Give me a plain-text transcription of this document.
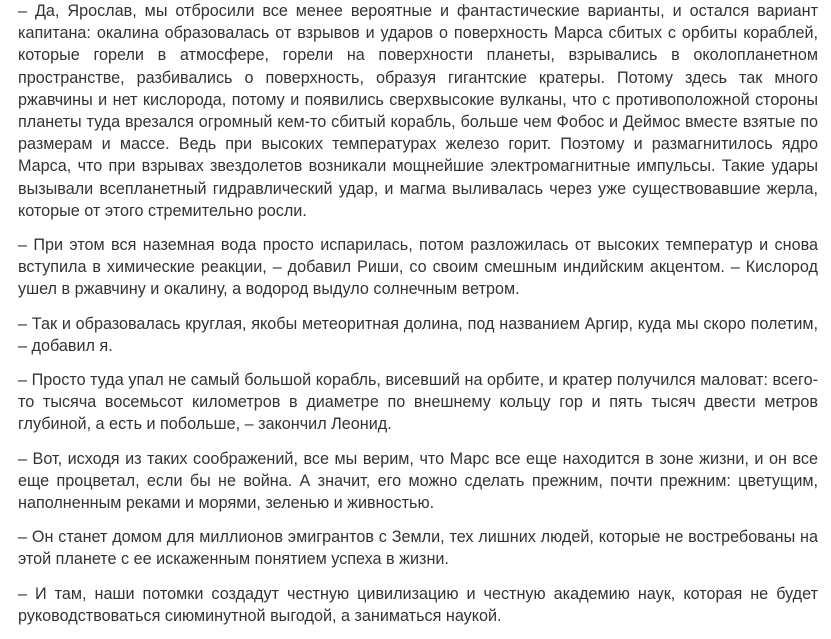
– Да, Ярослав, мы отбросили все менее вероятные и фантастические варианты, и остался вариант капитана: окалина образовалась от взрывов и ударов о поверхность Марса сбитых с орбиты кораблей, которые горели в атмосфере, горели на поверхности планеты, взрывались в околопланетном пространстве, разбивались о поверхность, образуя гигантские кратеры. Потому здесь так много ржавчины и нет кислорода, потому и появились сверхвысокие вулканы, что с противоположной стороны планеты туда врезался огромный кем-то сбитый корабль, больше чем Фобос и Деймос вместе взятые по размерам и массе. Ведь при высоких температурах железо горит. Поэтому и размагнитилось ядро Марса, что при взрывах звездолетов возникали мощнейшие электромагнитные импульсы. Такие удары вызывали всепланетный гидравлический удар, и магма выливалась через уже существовавшие жерла, которые от этого стремительно росли.

– При этом вся наземная вода просто испарилась, потом разложилась от высоких температур и снова вступила в химические реакции, – добавил Риши, со своим смешным индийским акцентом. – Кислород ушел в ржавчину и окалину, а водород выдуло солнечным ветром.

– Так и образовалась круглая, якобы метеоритная долина, под названием Аргир, куда мы скоро полетим, – добавил я.

– Просто туда упал не самый большой корабль, висевший на орбите, и кратер получился маловат: всего-то тысяча восемьсот километров в диаметре по внешнему кольцу гор и пять тысяч двести метров глубиной, а есть и побольше, – закончил Леонид.

– Вот, исходя из таких соображений, все мы верим, что Марс все еще находится в зоне жизни, и он все еще процветал, если бы не война. А значит, его можно сделать прежним, почти прежним: цветущим, наполненным реками и морями, зеленью и живностью.

– Он станет домом для миллионов эмигрантов с Земли, тех лишних людей, которые не востребованы на этой планете с ее искаженным понятием успеха в жизни.

– И там, наши потомки создадут честную цивилизацию и честную академию наук, которая не будет руководствоваться сиюминутной выгодой, а заниматься наукой.
